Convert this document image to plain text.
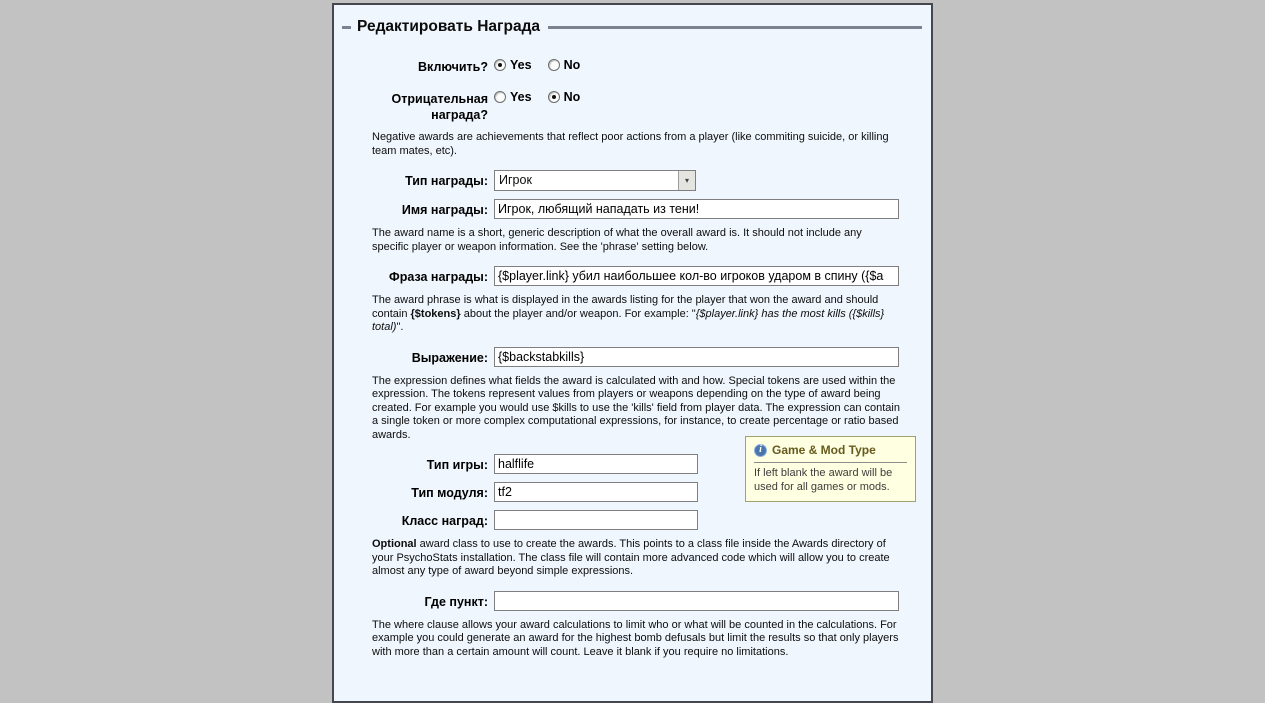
Редактировать Награда
Включить?	Yes	No
Отрицательная награда?
Yes	No

Negative awards are achievements that reflect poor actions from a player (like commiting suicide, or killing team mates, etc).

Тип награды: Игрок	▾
Имя награды:
Игрок, любящий нападать из тени!

The award name is a short, generic description of what the overall award is. It should not include any specific player or weapon information. See the 'phrase' setting below.

Фраза награды:
{$player.link} убил наибольшее кол-во игроков ударом в спину ({$a

The award phrase is what is displayed in the awards listing for the player that won the award and should contain {$tokens} about the player and/or weapon. For example: "{$player.link} has the most kills ({$kills} total)".

Выражение:
{$backstabkills}

The expression defines what fields the award is calculated with and how. Special tokens are used within the expression. The tokens represent values from players or weapons depending on the type of award being created. For example you would use $kills to use the 'kills' field from player data. The expression can contain a single token or more complex computational expressions, for instance, to create percentage or ratio based awards.

Тип игры:
halflife
Тип модуля:
tf2
Класс наград:

Optional award class to use to create the awards. This points to a class file inside the Awards directory of your PsychoStats installation. The class file will contain more advanced code which will allow you to create almost any type of award beyond simple expressions.

Где пункт:

The where clause allows your award calculations to limit who or what will be counted in the calculations. For example you could generate an award for the highest bomb defusals but limit the results so that only players with more than a certain amount will count. Leave it blank if you require no limitations.

i Game & Mod Type
If left blank the award will be used for all games or mods.
